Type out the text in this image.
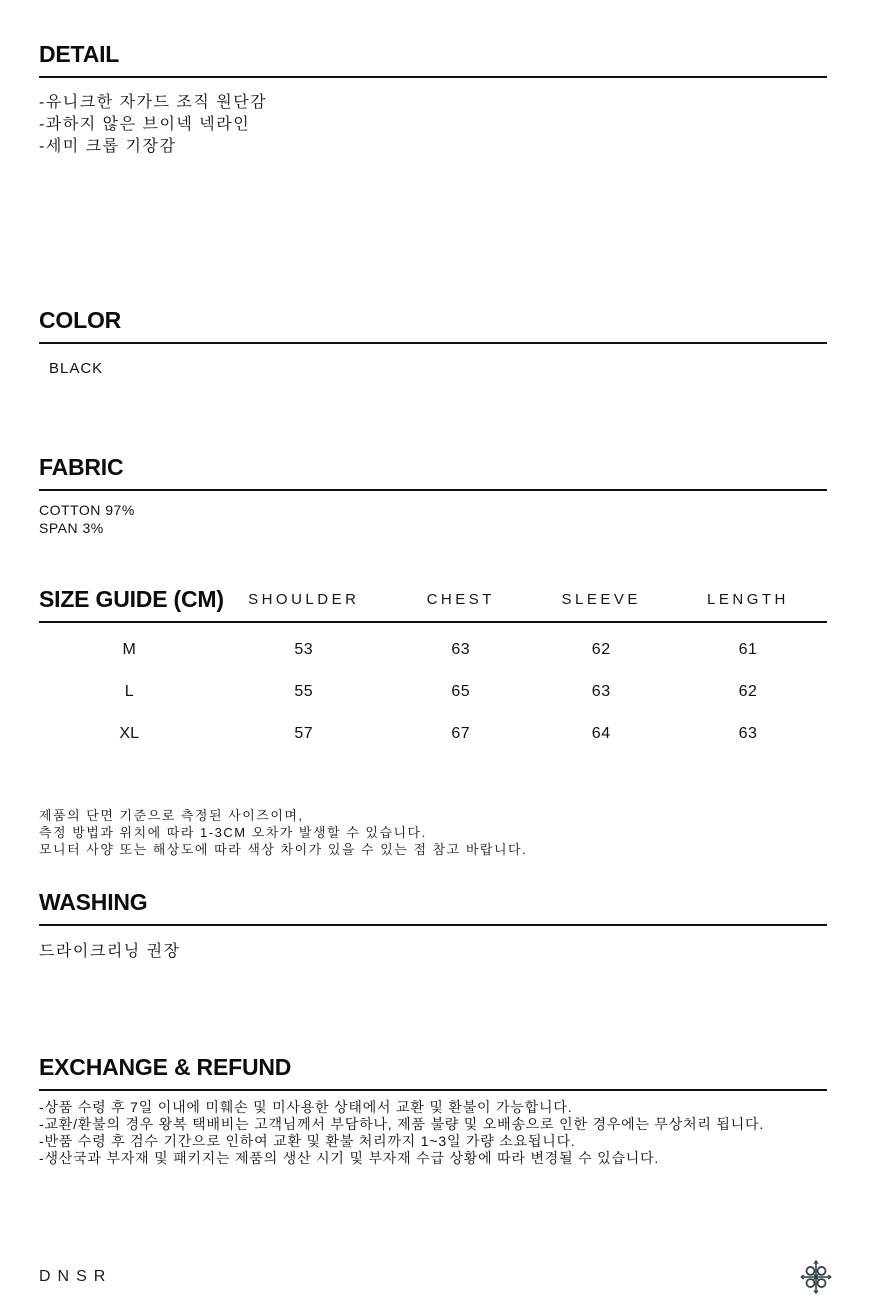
DETAIL
-유니크한 자가드 조직 원단감
-과하지 않은 브이넥 넥라인
-세미 크롭 기장감
COLOR
BLACK
FABRIC
COTTON 97%
SPAN 3%
SIZE GUIDE (CM)	SHOULDER	CHEST	SLEEVE	LENGTH
M	53	63	62	61
L	55	65	63	62
XL	57	67	64	63
제품의 단면 기준으로 측정된 사이즈이며,
측정 방법과 위치에 따라 1-3CM 오차가 발생할 수 있습니다.
모니터 사양 또는 해상도에 따라 색상 차이가 있을 수 있는 점 참고 바랍니다.
WASHING
드라이크리닝 권장
EXCHANGE & REFUND
-상품 수령 후 7일 이내에 미훼손 및 미사용한 상태에서 교환 및 환불이 가능합니다.
-교환/환불의 경우 왕복 택배비는 고객님께서 부담하나, 제품 불량 및 오배송으로 인한 경우에는 무상처리 됩니다.
-반품 수령 후 검수 기간으로 인하여 교환 및 환불 처리까지 1~3일 가량 소요됩니다.
-생산국과 부자재 및 패키지는 제품의 생산 시기 및 부자재 수급 상황에 따라 변경될 수 있습니다.
DNSR
